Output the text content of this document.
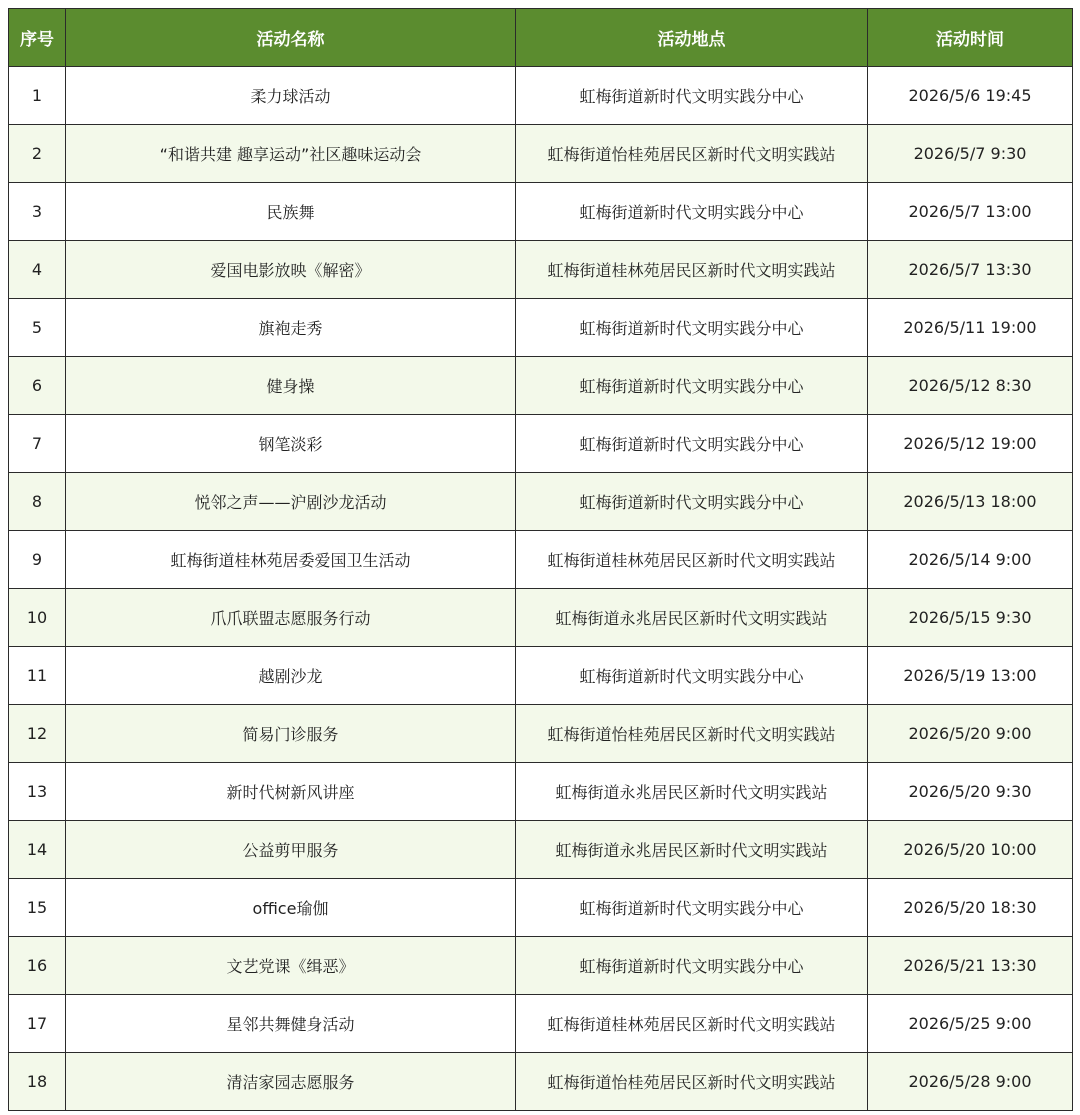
序号	活动名称	活动地点	活动时间
1	柔力球活动	虹梅街道新时代文明实践分中心	2026/5/6 19:45
2	“和谐共建 趣享运动”社区趣味运动会	虹梅街道怡桂苑居民区新时代文明实践站	2026/5/7 9:30
3	民族舞	虹梅街道新时代文明实践分中心	2026/5/7 13:00
4	爱国电影放映《解密》	虹梅街道桂林苑居民区新时代文明实践站	2026/5/7 13:30
5	旗袍走秀	虹梅街道新时代文明实践分中心	2026/5/11 19:00
6	健身操	虹梅街道新时代文明实践分中心	2026/5/12 8:30
7	钢笔淡彩	虹梅街道新时代文明实践分中心	2026/5/12 19:00
8	悦邻之声——沪剧沙龙活动	虹梅街道新时代文明实践分中心	2026/5/13 18:00
9	虹梅街道桂林苑居委爱国卫生活动	虹梅街道桂林苑居民区新时代文明实践站	2026/5/14 9:00
10	爪爪联盟志愿服务行动	虹梅街道永兆居民区新时代文明实践站	2026/5/15 9:30
11	越剧沙龙	虹梅街道新时代文明实践分中心	2026/5/19 13:00
12	简易门诊服务	虹梅街道怡桂苑居民区新时代文明实践站	2026/5/20 9:00
13	新时代树新风讲座	虹梅街道永兆居民区新时代文明实践站	2026/5/20 9:30
14	公益剪甲服务	虹梅街道永兆居民区新时代文明实践站	2026/5/20 10:00
15	office瑜伽	虹梅街道新时代文明实践分中心	2026/5/20 18:30
16	文艺党课《缉恶》	虹梅街道新时代文明实践分中心	2026/5/21 13:30
17	星邻共舞健身活动	虹梅街道桂林苑居民区新时代文明实践站	2026/5/25 9:00
18	清洁家园志愿服务	虹梅街道怡桂苑居民区新时代文明实践站	2026/5/28 9:00
